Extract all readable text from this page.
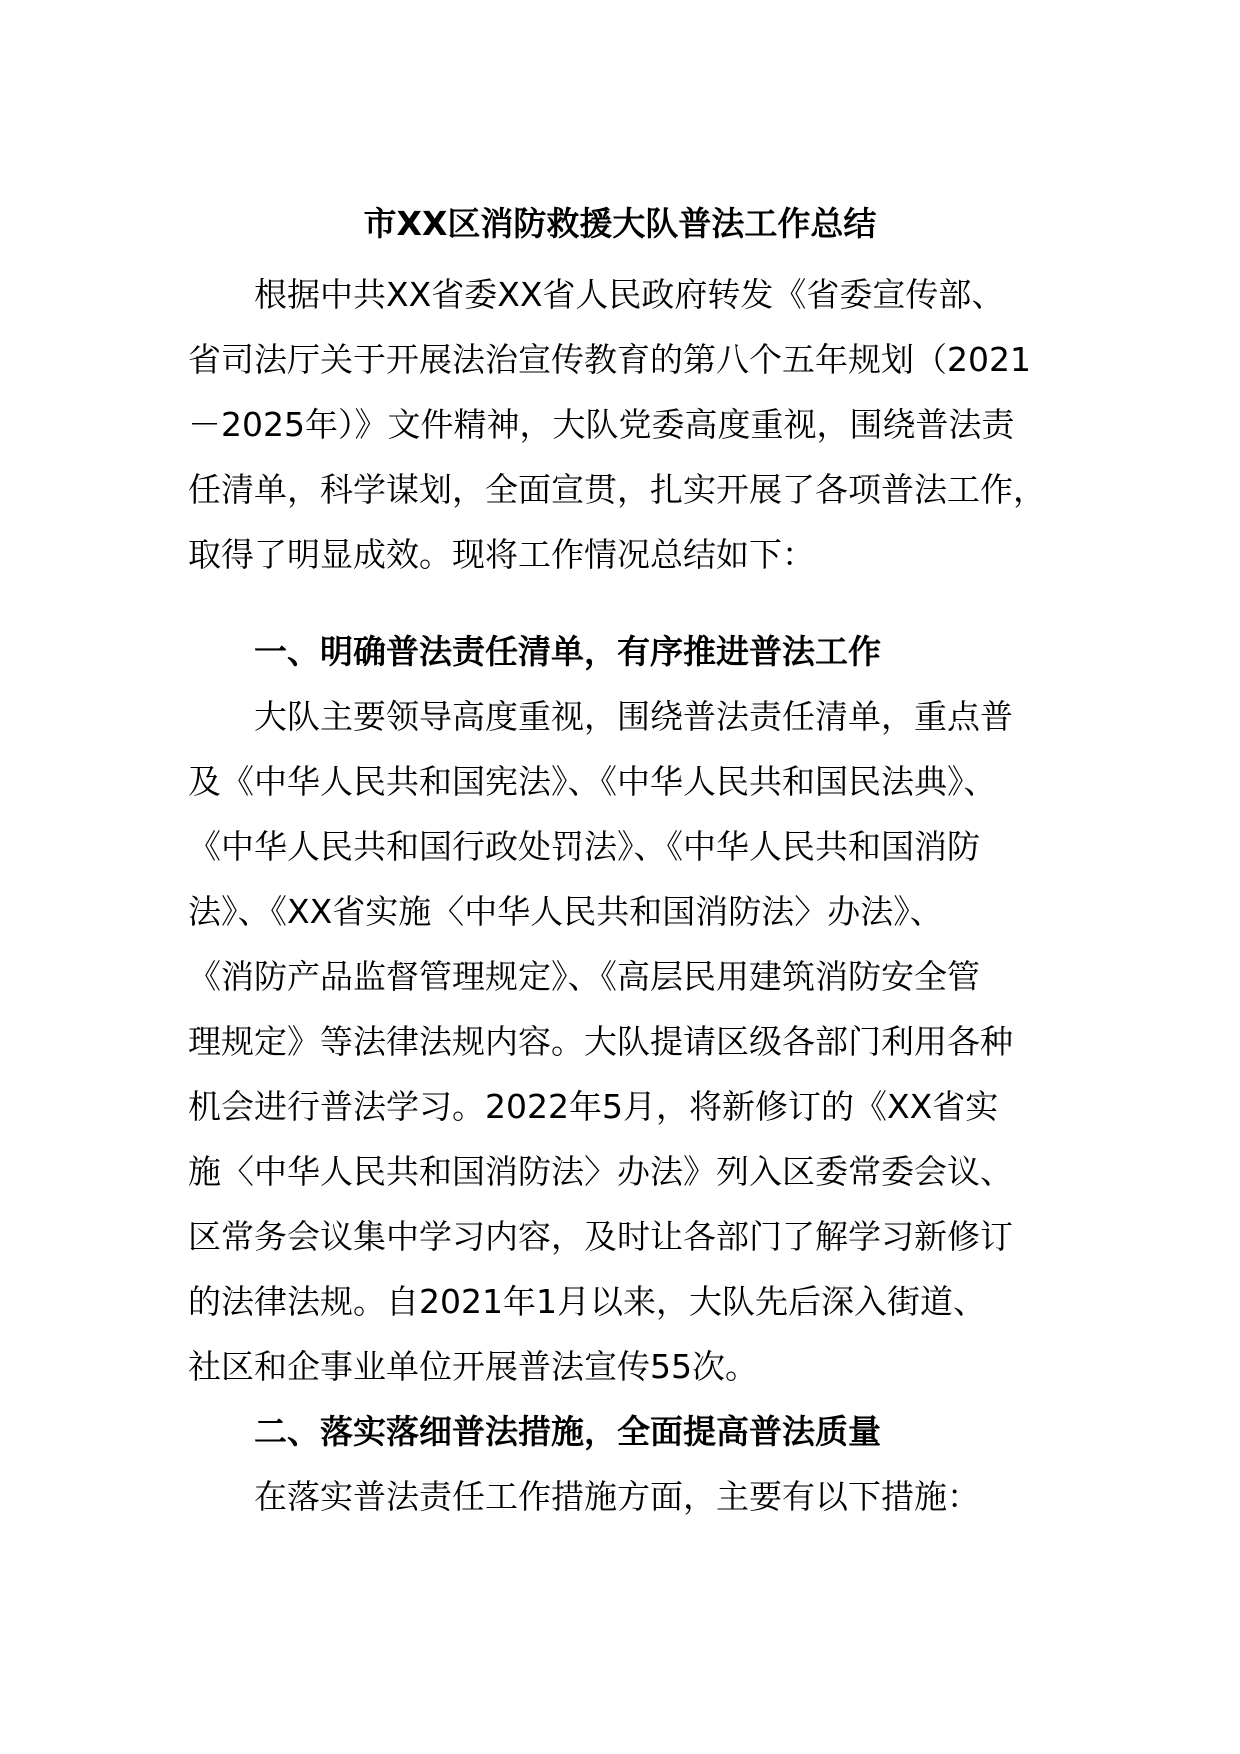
市XX区消防救援大队普法工作总结

根据中共XX省委XX省人民政府转发《省委宣传部、

省司法厅关于开展法治宣传教育的第八个五年规划（2021

－2025年）》文件精神，大队党委高度重视，围绕普法责

任清单，科学谋划，全面宣贯，扎实开展了各项普法工作，

取得了明显成效。现将工作情况总结如下：

一、明确普法责任清单，有序推进普法工作

大队主要领导高度重视，围绕普法责任清单，重点普

及《中华人民共和国宪法》、《中华人民共和国民法典》、

《中华人民共和国行政处罚法》、《中华人民共和国消防

法》、《XX省实施〈中华人民共和国消防法〉办法》、

《消防产品监督管理规定》、《高层民用建筑消防安全管

理规定》等法律法规内容。大队提请区级各部门利用各种

机会进行普法学习。2022年5月，将新修订的《XX省实

施〈中华人民共和国消防法〉办法》列入区委常委会议、

区常务会议集中学习内容，及时让各部门了解学习新修订

的法律法规。自2021年1月以来，大队先后深入街道、

社区和企事业单位开展普法宣传55次。

二、落实落细普法措施，全面提高普法质量

在落实普法责任工作措施方面，主要有以下措施：
